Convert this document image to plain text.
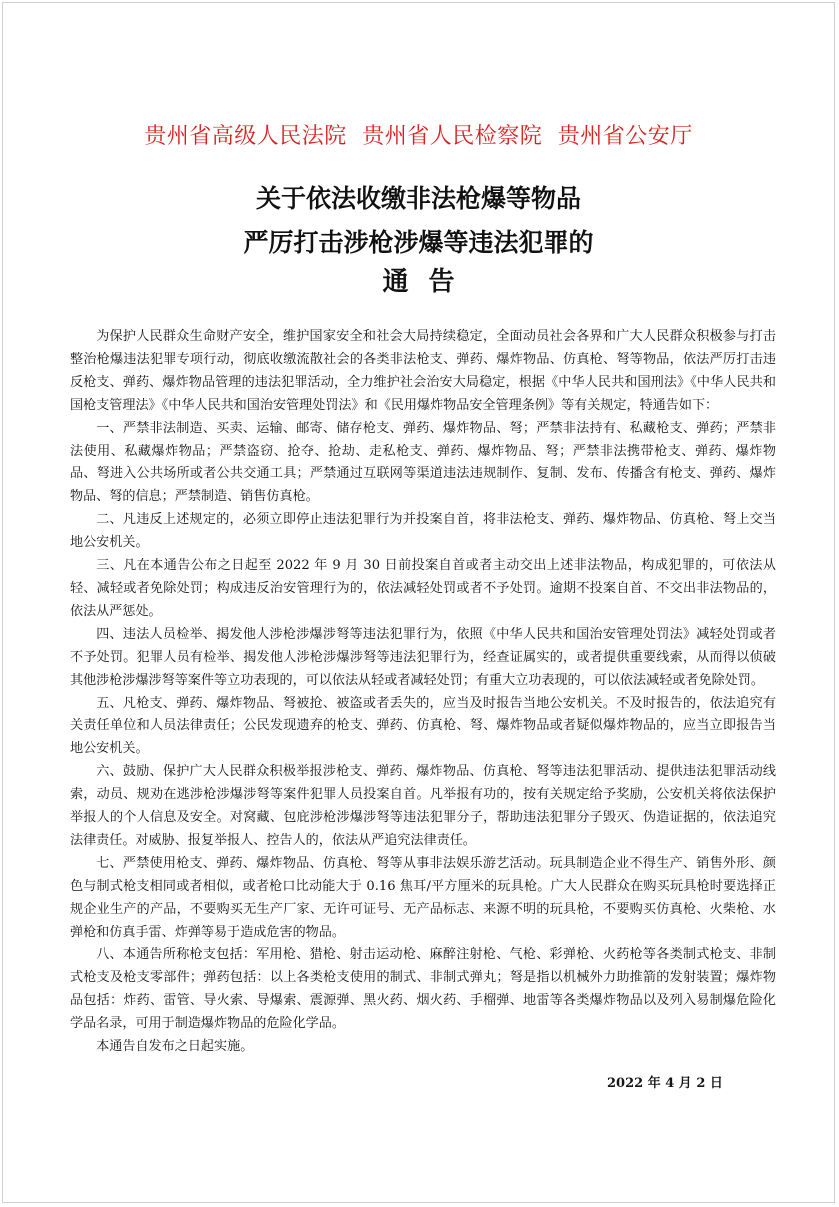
贵州省高级人民法院 贵州省人民检察院 贵州省公安厅
关于依法收缴非法枪爆等物品
严厉打击涉枪涉爆等违法犯罪的
通告

为保护人民群众生命财产安全，维护国家安全和社会大局持续稳定，全面动员社会各界和广大人民群众积极参与打击整治枪爆违法犯罪专项行动，彻底收缴流散社会的各类非法枪支、弹药、爆炸物品、仿真枪、弩等物品，依法严厉打击违反枪支、弹药、爆炸物品管理的违法犯罪活动，全力维护社会治安大局稳定，根据《中华人民共和国刑法》《中华人民共和国枪支管理法》《中华人民共和国治安管理处罚法》和《民用爆炸物品安全管理条例》等有关规定，特通告如下：

一、严禁非法制造、买卖、运输、邮寄、储存枪支、弹药、爆炸物品、弩；严禁非法持有、私藏枪支、弹药；严禁非法使用、私藏爆炸物品；严禁盗窃、抢夺、抢劫、走私枪支、弹药、爆炸物品、弩；严禁非法携带枪支、弹药、爆炸物品、弩进入公共场所或者公共交通工具；严禁通过互联网等渠道违法违规制作、复制、发布、传播含有枪支、弹药、爆炸物品、弩的信息；严禁制造、销售仿真枪。

二、凡违反上述规定的，必须立即停止违法犯罪行为并投案自首，将非法枪支、弹药、爆炸物品、仿真枪、弩上交当地公安机关。

三、凡在本通告公布之日起至 2022 年 9 月 30 日前投案自首或者主动交出上述非法物品，构成犯罪的，可依法从轻、减轻或者免除处罚；构成违反治安管理行为的，依法减轻处罚或者不予处罚。逾期不投案自首、不交出非法物品的，依法从严惩处。

四、违法人员检举、揭发他人涉枪涉爆涉弩等违法犯罪行为，依照《中华人民共和国治安管理处罚法》减轻处罚或者不予处罚。犯罪人员有检举、揭发他人涉枪涉爆涉弩等违法犯罪行为，经查证属实的，或者提供重要线索，从而得以侦破其他涉枪涉爆涉弩等案件等立功表现的，可以依法从轻或者减轻处罚；有重大立功表现的，可以依法减轻或者免除处罚。

五、凡枪支、弹药、爆炸物品、弩被抢、被盗或者丢失的，应当及时报告当地公安机关。不及时报告的，依法追究有关责任单位和人员法律责任；公民发现遗弃的枪支、弹药、仿真枪、弩、爆炸物品或者疑似爆炸物品的，应当立即报告当地公安机关。

六、鼓励、保护广大人民群众积极举报涉枪支、弹药、爆炸物品、仿真枪、弩等违法犯罪活动、提供违法犯罪活动线索，动员、规劝在逃涉枪涉爆涉弩等案件犯罪人员投案自首。凡举报有功的，按有关规定给予奖励，公安机关将依法保护举报人的个人信息及安全。对窝藏、包庇涉枪涉爆涉弩等违法犯罪分子，帮助违法犯罪分子毁灭、伪造证据的，依法追究法律责任。对威胁、报复举报人、控告人的，依法从严追究法律责任。

七、严禁使用枪支、弹药、爆炸物品、仿真枪、弩等从事非法娱乐游艺活动。玩具制造企业不得生产、销售外形、颜色与制式枪支相同或者相似，或者枪口比动能大于 0.16 焦耳/平方厘米的玩具枪。广大人民群众在购买玩具枪时要选择正规企业生产的产品，不要购买无生产厂家、无许可证号、无产品标志、来源不明的玩具枪，不要购买仿真枪、火柴枪、水弹枪和仿真手雷、炸弹等易于造成危害的物品。

八、本通告所称枪支包括：军用枪、猎枪、射击运动枪、麻醉注射枪、气枪、彩弹枪、火药枪等各类制式枪支、非制式枪支及枪支零部件；弹药包括：以上各类枪支使用的制式、非制式弹丸；弩是指以机械外力助推箭的发射装置；爆炸物品包括：炸药、雷管、导火索、导爆索、震源弹、黑火药、烟火药、手榴弹、地雷等各类爆炸物品以及列入易制爆危险化学品名录，可用于制造爆炸物品的危险化学品。

本通告自发布之日起实施。

2022 年 4 月 2 日
